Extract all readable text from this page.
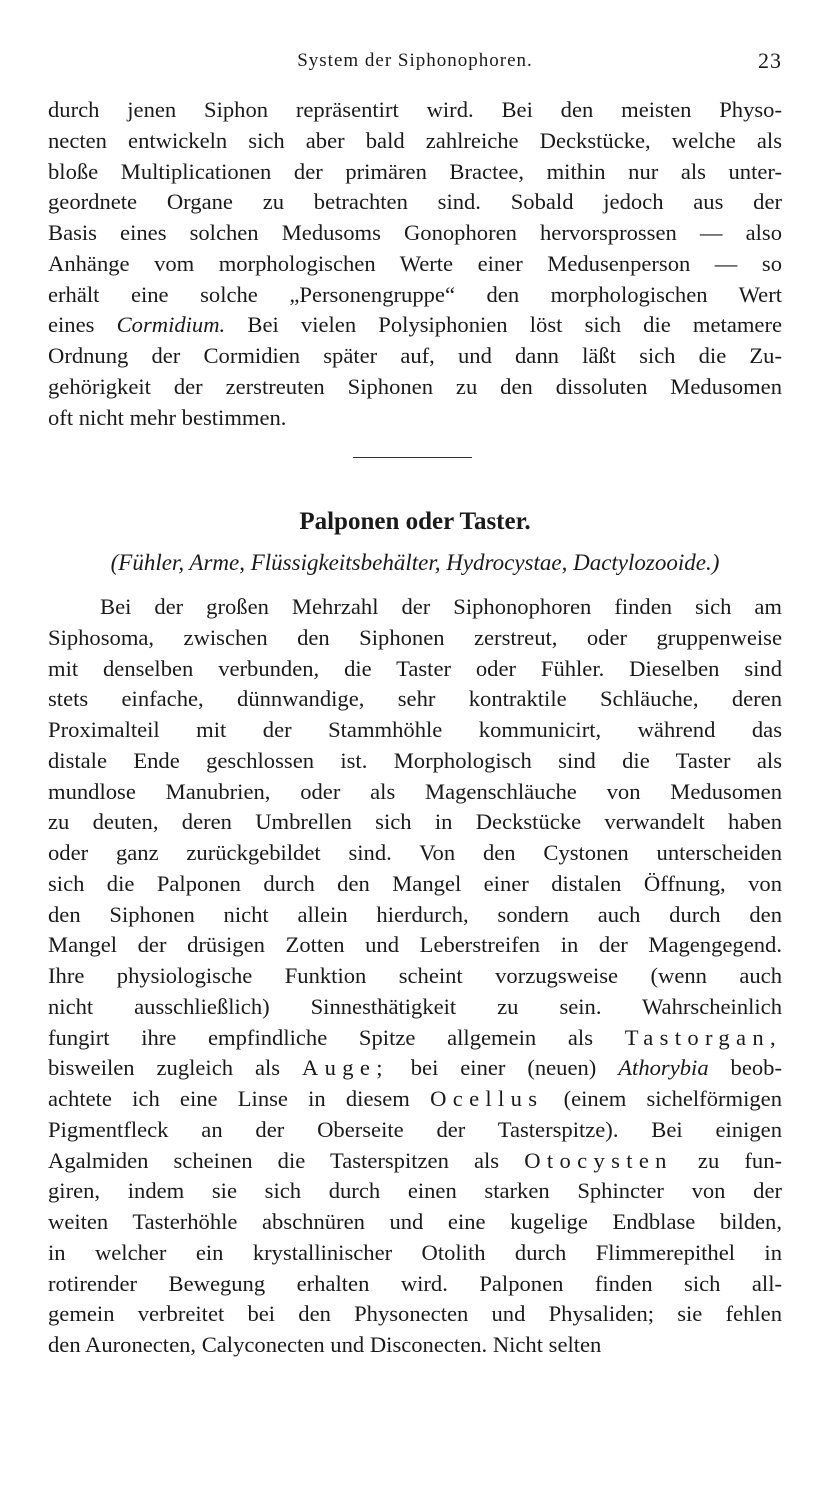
System der Siphonophoren.	23
durch jenen Siphon repräsentirt wird. Bei den meisten Physo-
necten entwickeln sich aber bald zahlreiche Deckstücke, welche als
bloße Multiplicationen der primären Bractee, mithin nur als unter-
geordnete Organe zu betrachten sind. Sobald jedoch aus der
Basis eines solchen Medusoms Gonophoren hervorsprossen — also
Anhänge vom morphologischen Werte einer Medusenperson — so
erhält eine solche „Personengruppe“ den morphologischen Wert
eines Cormidium. Bei vielen Polysiphonien löst sich die metamere
Ordnung der Cormidien später auf, und dann läßt sich die Zu-
gehörigkeit der zerstreuten Siphonen zu den dissoluten Medusomen
oft nicht mehr bestimmen.
Palponen oder Taster.
(Fühler, Arme, Flüssigkeitsbehälter, Hydrocystae, Dactylozooide.)
Bei der großen Mehrzahl der Siphonophoren finden sich am
Siphosoma, zwischen den Siphonen zerstreut, oder gruppenweise
mit denselben verbunden, die Taster oder Fühler. Dieselben sind
stets einfache, dünnwandige, sehr kontraktile Schläuche, deren
Proximalteil mit der Stammhöhle kommunicirt, während das
distale Ende geschlossen ist. Morphologisch sind die Taster als
mundlose Manubrien, oder als Magenschläuche von Medusomen
zu deuten, deren Umbrellen sich in Deckstücke verwandelt haben
oder ganz zurückgebildet sind. Von den Cystonen unterscheiden
sich die Palponen durch den Mangel einer distalen Öffnung, von
den Siphonen nicht allein hierdurch, sondern auch durch den
Mangel der drüsigen Zotten und Leberstreifen in der Magengegend.
Ihre physiologische Funktion scheint vorzugsweise (wenn auch
nicht ausschließlich) Sinnesthätigkeit zu sein. Wahrscheinlich
fungirt ihre empfindliche Spitze allgemein als Tastorgan,
bisweilen zugleich als Auge; bei einer (neuen) Athorybia beob-
achtete ich eine Linse in diesem Ocellus (einem sichelförmigen
Pigmentfleck an der Oberseite der Tasterspitze). Bei einigen
Agalmiden scheinen die Tasterspitzen als Otocysten zu fun-
giren, indem sie sich durch einen starken Sphincter von der
weiten Tasterhöhle abschnüren und eine kugelige Endblase bilden,
in welcher ein krystallinischer Otolith durch Flimmerepithel in
rotirender Bewegung erhalten wird. Palponen finden sich all-
gemein verbreitet bei den Physonecten und Physaliden; sie fehlen
den Auronecten, Calyconecten und Disconecten. Nicht selten
